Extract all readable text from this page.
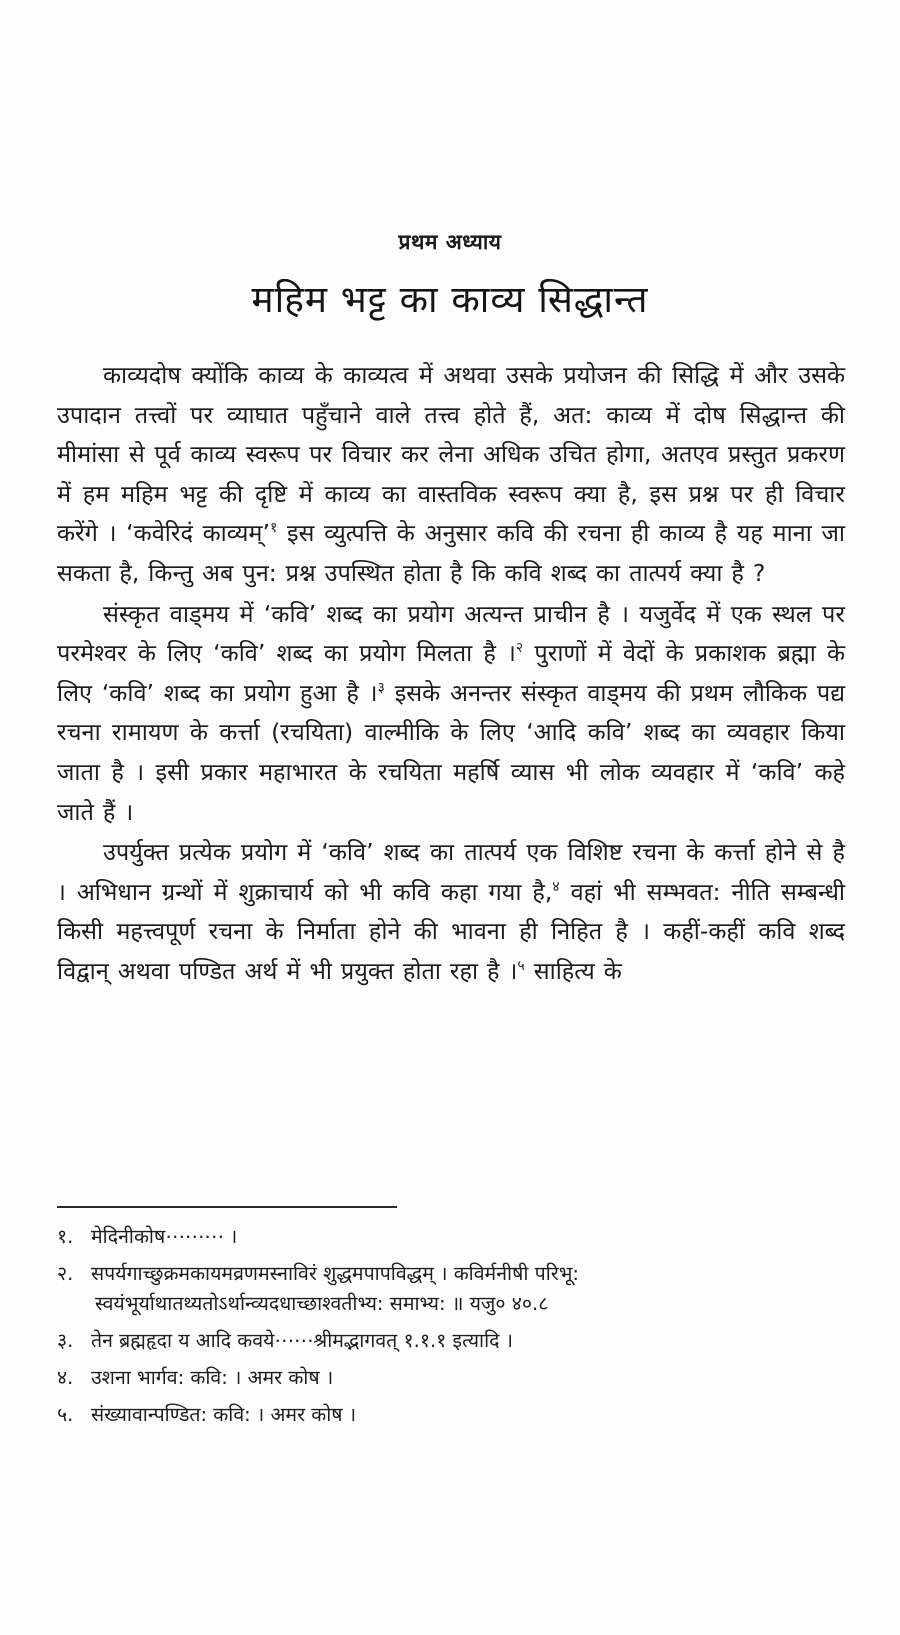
प्रथम अध्याय
महिम भट्ट का काव्य सिद्धान्त

काव्यदोष क्योंकि काव्य के काव्यत्व में अथवा उसके प्रयोजन की सिद्धि में और उसके उपादान तत्त्वों पर व्याघात पहुँचाने वाले तत्त्व होते हैं, अत: काव्य में दोष सिद्धान्त की मीमांसा से पूर्व काव्य स्वरूप पर विचार कर लेना अधिक उचित होगा, अतएव प्रस्तुत प्रकरण में हम महिम भट्ट की दृष्टि में काव्य का वास्तविक स्वरूप क्या है, इस प्रश्न पर ही विचार करेंगे । ‘कवेरिदं काव्यम्’$^१$ इस व्युत्पत्ति के अनुसार कवि की रचना ही काव्य है यह माना जा सकता है, किन्तु अब पुन: प्रश्न उपस्थित होता है कि कवि शब्द का तात्पर्य क्या है ?

संस्कृत वाड्मय में ‘कवि’ शब्द का प्रयोग अत्यन्त प्राचीन है । यजुर्वेद में एक स्थल पर परमेश्वर के लिए ‘कवि’ शब्द का प्रयोग मिलता है ।$^२$ पुराणों में वेदों के प्रकाशक ब्रह्मा के लिए ‘कवि’ शब्द का प्रयोग हुआ है ।$^३$ इसके अनन्तर संस्कृत वाड्मय की प्रथम लौकिक पद्य रचना रामायण के कर्त्ता (रचयिता) वाल्मीकि के लिए ‘आदि कवि’ शब्द का व्यवहार किया जाता है । इसी प्रकार महाभारत के रचयिता महर्षि व्यास भी लोक व्यवहार में ‘कवि’ कहे जाते हैं ।

उपर्युक्त प्रत्येक प्रयोग में ‘कवि’ शब्द का तात्पर्य एक विशिष्ट रचना के कर्त्ता होने से है । अभिधान ग्रन्थों में शुक्राचार्य को भी कवि कहा गया है,$^४$ वहां भी सम्भवत: नीति सम्बन्धी किसी महत्त्वपूर्ण रचना के निर्माता होने की भावना ही निहित है । कहीं-कहीं कवि शब्द विद्वान् अथवा पण्डित अर्थ में भी प्रयुक्त होता रहा है ।$^५$ साहित्य के

१. मेदिनीकोष⋯⋯⋯ ।
२. सपर्यगाच्छुक्रमकायमव्रणमस्नाविरं शुद्धमपापविद्धम् । कविर्मनीषी परिभू:
स्वयंभूर्याथातथ्यतोऽर्थान्व्यदधाच्छाश्वतीभ्य: समाभ्य: ॥ यजु० ४०.८
३. तेन ब्रह्महृदा य आदि कवये⋯⋯श्रीमद्भागवत् १.१.१ इत्यादि ।
४. उशना भार्गव: कवि: । अमर कोष ।
५. संख्यावान्पण्डित: कवि: । अमर कोष ।
